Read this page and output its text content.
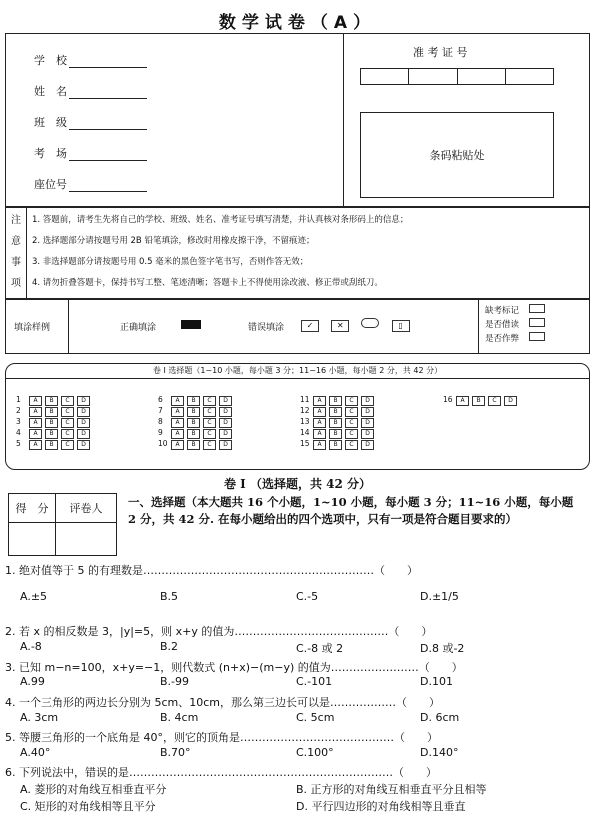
数学试卷（A）
学　校
姓　名
班　级
考　场
座位号
准 考 证 号
条码粘贴处
注
意
事
项
1. 答题前，请考生先将自己的学校、班级、姓名、准考证号填写清楚，并认真核对条形码上的信息；
2. 选择题部分请按题号用 2B 铅笔填涂，修改时用橡皮擦干净，不留痕迹；
3. 非选择题部分请按题号用 0.5 毫米的黑色签字笔书写，否则作答无效；
4. 请勿折叠答题卡，保持书写工整、笔迹清晰；答题卡上不得使用涂改液、修正带或刮纸刀。
填涂样例	正确填涂	错误填涂	✓	✕	▯
缺考标记
是否借读
是否作弊
卷 I 选择题（1~10 小题，每小题 3 分；11~16 小题，每小题 2 分，共 42 分）
1 A B C D
2 A B C D
3 A B C D
4 A B C D
5 A B C D
6 A B C D
7 A B C D
8 A B C D
9 A B C D
10 A B C D
11 A B C D
12 A B C D
13 A B C D
14 A B C D
15 A B C D
16 A B C D
卷 I （选择题，共 42 分）
得　分	评卷人
	一、选择题（本大题共 16 个小题，1~10 小题，每小题 3 分；11~16 小题，每小题 2 分，共 42 分. 在每小题给出的四个选项中，只有一项是符合题目要求的）
1. 绝对值等于 5 的有理数是………………………………………………………（　　）
A.±5	B.5	C.-5	D.±1/5
2. 若 x 的相反数是 3，|y|=5，则 x+y 的值为……………………………………（　　）
A.-8	B.2	C.-8 或 2	D.8 或-2
3. 已知 m−n=100，x+y=−1，则代数式 (n+x)−(m−y) 的值为……………………（　　）
A.99	B.-99	C.-101	D.101
4. 一个三角形的两边长分别为 5cm、10cm，那么第三边长可以是………………（　　）
A. 3cm	B. 4cm	C. 5cm	D. 6cm
5. 等腰三角形的一个底角是 40°，则它的顶角是……………………………………（　　）
A.40°	B.70°	C.100°	D.140°
6. 下列说法中，错误的是………………………………………………………………（　　）
A. 菱形的对角线互相垂直平分	B. 正方形的对角线互相垂直平分且相等
C. 矩形的对角线相等且平分	D. 平行四边形的对角线相等且垂直
